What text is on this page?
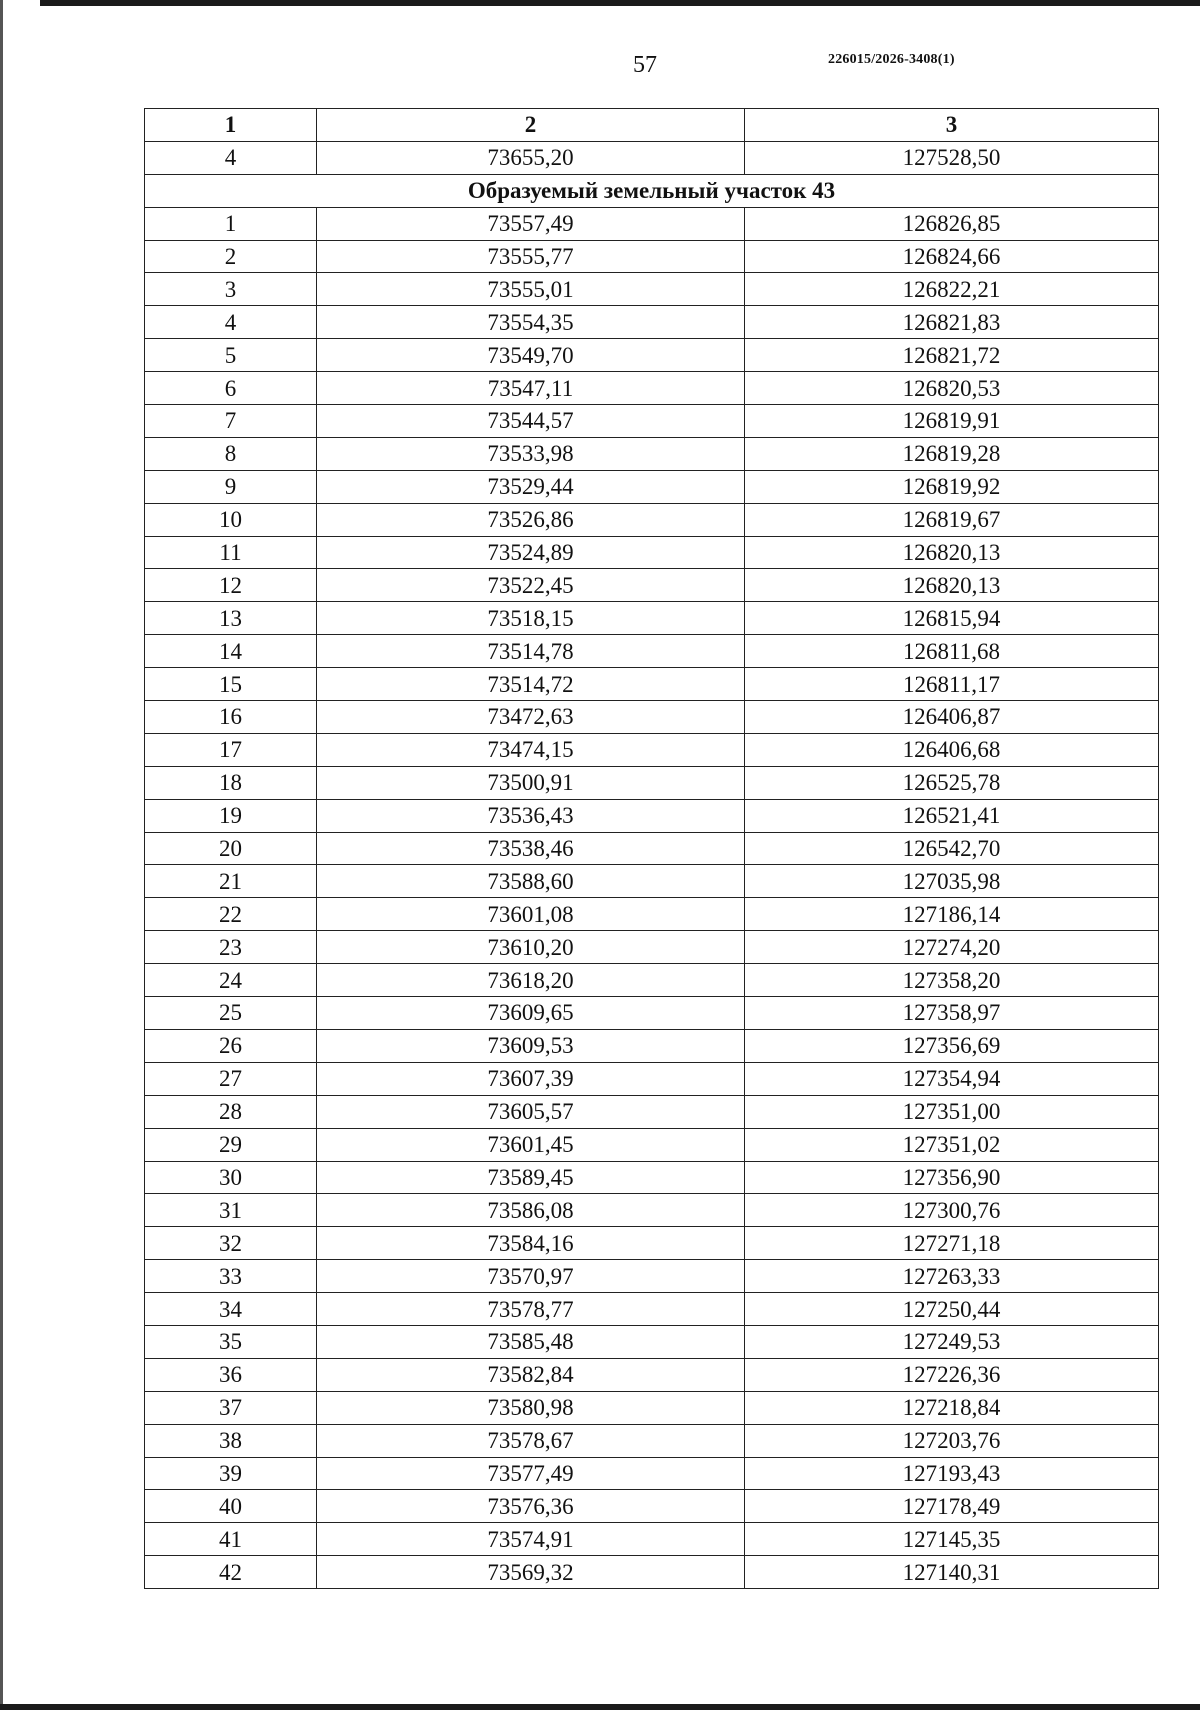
57	226015/2026-3408(1)
1	2	3
4	73655,20	127528,50
Образуемый земельный участок 43		
1	73557,49	126826,85
2	73555,77	126824,66
3	73555,01	126822,21
4	73554,35	126821,83
5	73549,70	126821,72
6	73547,11	126820,53
7	73544,57	126819,91
8	73533,98	126819,28
9	73529,44	126819,92
10	73526,86	126819,67
11	73524,89	126820,13
12	73522,45	126820,13
13	73518,15	126815,94
14	73514,78	126811,68
15	73514,72	126811,17
16	73472,63	126406,87
17	73474,15	126406,68
18	73500,91	126525,78
19	73536,43	126521,41
20	73538,46	126542,70
21	73588,60	127035,98
22	73601,08	127186,14
23	73610,20	127274,20
24	73618,20	127358,20
25	73609,65	127358,97
26	73609,53	127356,69
27	73607,39	127354,94
28	73605,57	127351,00
29	73601,45	127351,02
30	73589,45	127356,90
31	73586,08	127300,76
32	73584,16	127271,18
33	73570,97	127263,33
34	73578,77	127250,44
35	73585,48	127249,53
36	73582,84	127226,36
37	73580,98	127218,84
38	73578,67	127203,76
39	73577,49	127193,43
40	73576,36	127178,49
41	73574,91	127145,35
42	73569,32	127140,31
